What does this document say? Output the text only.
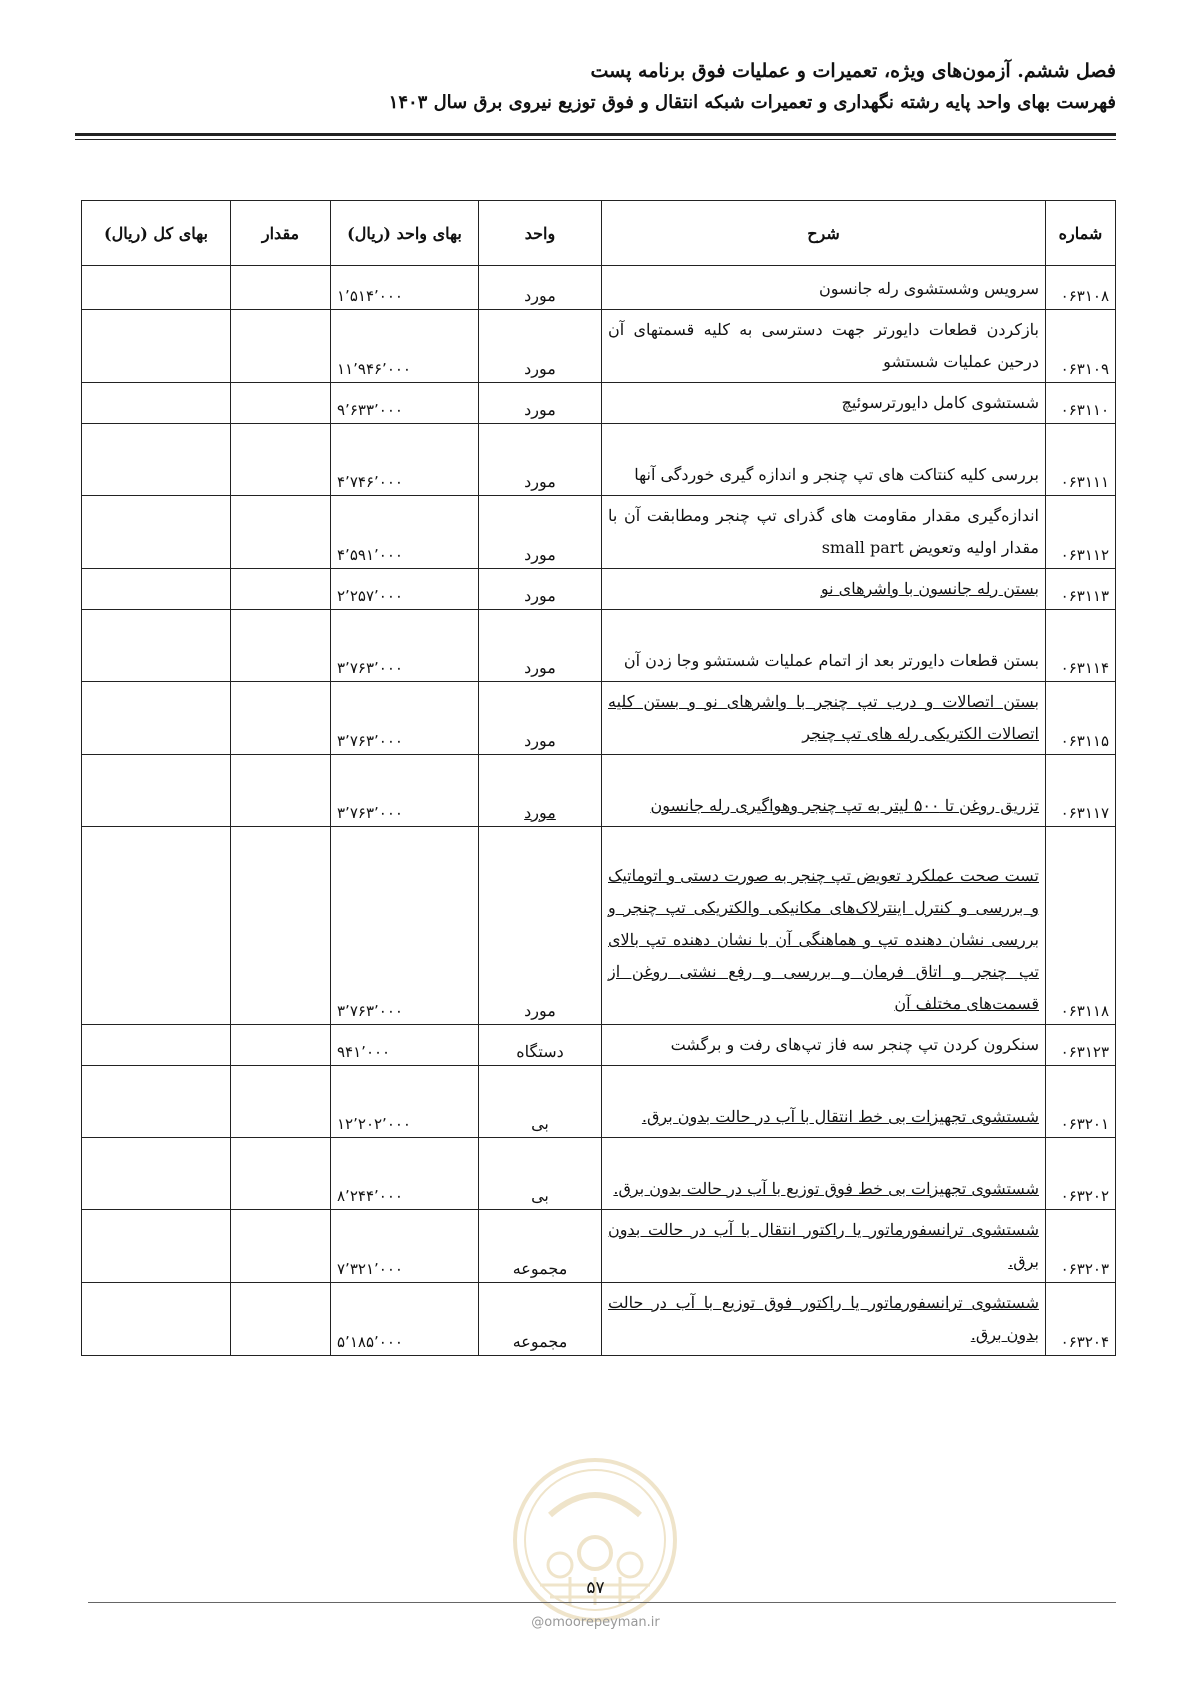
فصل ششم. آزمون‌های ویژه، تعمیرات و عملیات فوق برنامه پست
فهرست بهای واحد پایه رشته نگهداری و تعمیرات شبکه انتقال و فوق توزیع نیروی برق سال ۱۴۰۳
شماره	شرح	واحد	بهای واحد (ریال)	مقدار	بهای کل (ریال)
۰۶۳۱۰۸	سرویس وشستشوی رله جانسون	مورد	۱٬۵۱۴٬۰۰۰		
۰۶۳۱۰۹	بازکردن قطعات دایورتر جهت دسترسی به کلیه قسمتهای آن درحین عملیات شستشو	مورد	۱۱٬۹۴۶٬۰۰۰		
۰۶۳۱۱۰	شستشوی کامل دایورترسوئیچ	مورد	۹٬۶۳۳٬۰۰۰		
۰۶۳۱۱۱	بررسی کلیه کنتاکت های تپ چنجر و اندازه گیری خوردگی آنها	مورد	۴٬۷۴۶٬۰۰۰		
۰۶۳۱۱۲	اندازه‌گیری مقدار مقاومت های گذرای تپ چنجر ومطابقت آن با مقدار اولیه وتعویض small part	مورد	۴٬۵۹۱٬۰۰۰		
۰۶۳۱۱۳	بستن رله جانسون با واشرهای نو	مورد	۲٬۲۵۷٬۰۰۰		
۰۶۳۱۱۴	بستن قطعات دایورتر بعد از اتمام عملیات شستشو وجا زدن آن	مورد	۳٬۷۶۳٬۰۰۰		
۰۶۳۱۱۵	بستن اتصالات و درب تپ چنجر با واشرهای نو و بستن کلیه اتصالات الکتریکی رله های تپ چنجر	مورد	۳٬۷۶۳٬۰۰۰		
۰۶۳۱۱۷	تزریق روغن تا ۵۰۰ لیتر به تپ چنجر وهواگیری رله جانسون	مورد	۳٬۷۶۳٬۰۰۰		
۰۶۳۱۱۸	تست صحت عملکرد تعویض تپ چنجر به صورت دستی و اتوماتیک و بررسی و کنترل اینترلاک‌های مکانیکی والکتریکی تپ چنجر و بررسی نشان دهنده تپ و هماهنگی آن با نشان دهنده تپ بالای تپ چنجر و اتاق فرمان و بررسی و رفع نشتی روغن از قسمت‌های مختلف آن	مورد	۳٬۷۶۳٬۰۰۰		
۰۶۳۱۲۳	سنکرون کردن تپ چنجر سه فاز تپ‌های رفت و برگشت	دستگاه	۹۴۱٬۰۰۰		
۰۶۳۲۰۱	شستشوی تجهیزات بی خط انتقال با آب در حالت بدون برق.	بی	۱۲٬۲۰۲٬۰۰۰		
۰۶۳۲۰۲	شستشوی تجهیزات بی خط فوق توزیع با آب در حالت بدون برق.	بی	۸٬۲۴۴٬۰۰۰		
۰۶۳۲۰۳	شستشوی ترانسفورماتور یا راکتور انتقال با آب در حالت بدون برق.	مجموعه	۷٬۳۲۱٬۰۰۰		
۰۶۳۲۰۴	شستشوی ترانسفورماتور یا راکتور فوق توزیع با آب در حالت بدون برق.	مجموعه	۵٬۱۸۵٬۰۰۰		
۵۷
@omoorepeyman.ir
